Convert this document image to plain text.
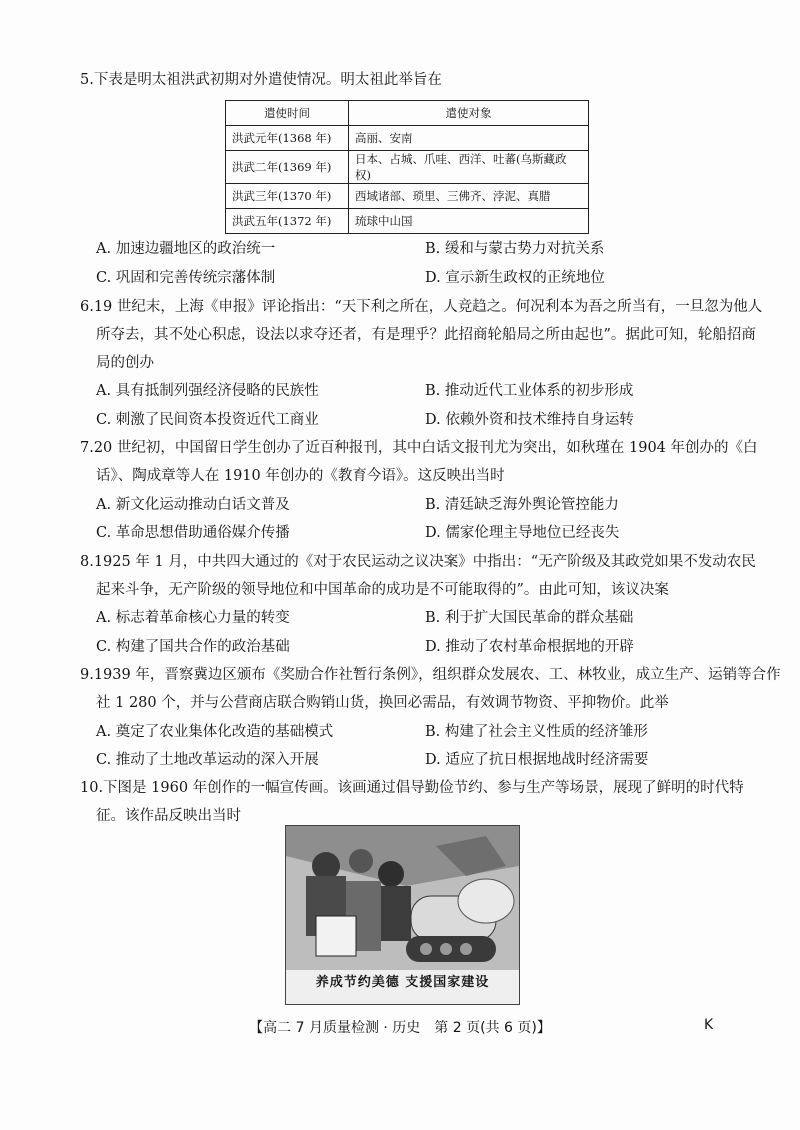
5.下表是明太祖洪武初期对外遣使情况。明太祖此举旨在
遣使时间	遣使对象
洪武元年(1368 年)	高丽、安南
洪武二年(1369 年)	日本、占城、爪哇、西洋、吐蕃(乌斯藏政权)
洪武三年(1370 年)	西域诸部、琐里、三佛齐、浡泥、真腊
洪武五年(1372 年)	琉球中山国
A. 加速边疆地区的政治统一	B. 缓和与蒙古势力对抗关系
C. 巩固和完善传统宗藩体制	D. 宣示新生政权的正统地位
6.19 世纪末，上海《申报》评论指出：“天下利之所在，人竞趋之。何况利本为吾之所当有，一旦忽为他人
所夺去，其不处心积虑，设法以求夺还者，有是理乎？此招商轮船局之所由起也”。据此可知，轮船招商
局的创办
A. 具有抵制列强经济侵略的民族性	B. 推动近代工业体系的初步形成
C. 刺激了民间资本投资近代工商业	D. 依赖外资和技术维持自身运转
7.20 世纪初，中国留日学生创办了近百种报刊，其中白话文报刊尤为突出，如秋瑾在 1904 年创办的《白
话》、陶成章等人在 1910 年创办的《教育今语》。这反映出当时
A. 新文化运动推动白话文普及	B. 清廷缺乏海外舆论管控能力
C. 革命思想借助通俗媒介传播	D. 儒家伦理主导地位已经丧失
8.1925 年 1 月，中共四大通过的《对于农民运动之议决案》中指出：“无产阶级及其政党如果不发动农民
起来斗争，无产阶级的领导地位和中国革命的成功是不可能取得的”。由此可知，该议决案
A. 标志着革命核心力量的转变	B. 利于扩大国民革命的群众基础
C. 构建了国共合作的政治基础	D. 推动了农村革命根据地的开辟
9.1939 年，晋察冀边区颁布《奖励合作社暂行条例》，组织群众发展农、工、林牧业，成立生产、运销等合作
社 1 280 个，并与公营商店联合购销山货，换回必需品，有效调节物资、平抑物价。此举
A. 奠定了农业集体化改造的基础模式	B. 构建了社会主义性质的经济雏形
C. 推动了土地改革运动的深入开展	D. 适应了抗日根据地战时经济需要
10.下图是 1960 年创作的一幅宣传画。该画通过倡导勤俭节约、参与生产等场景，展现了鲜明的时代特
征。该作品反映出当时
养成节约美德 支援国家建设
【高二 7 月质量检测 · 历史　第 2 页(共 6 页)】	K
